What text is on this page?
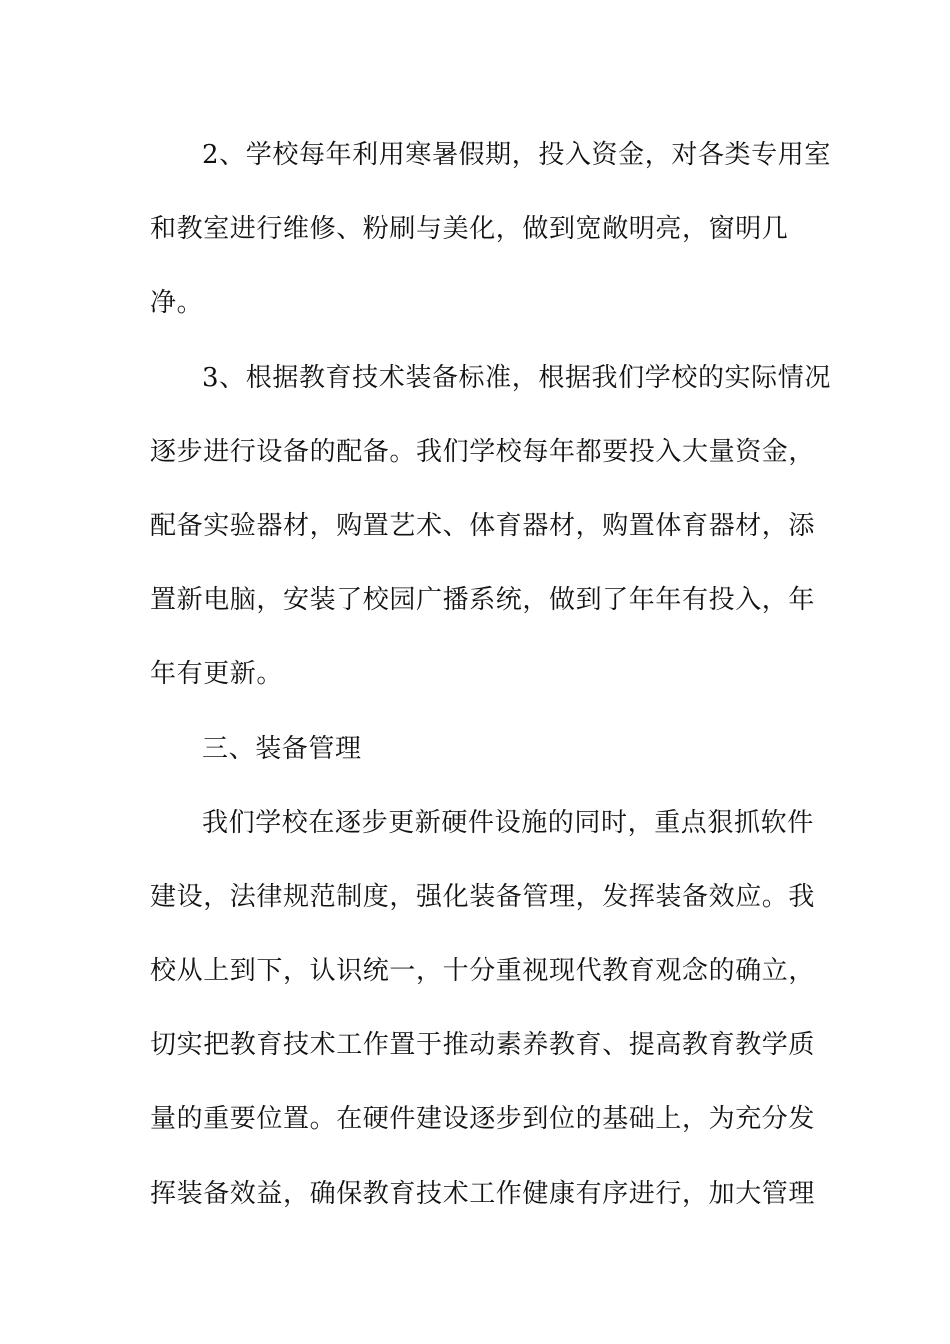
2、学校每年利用寒暑假期，投入资金，对各类专用室
和教室进行维修、粉刷与美化，做到宽敞明亮，窗明几
净。
3、根据教育技术装备标准，根据我们学校的实际情况
逐步进行设备的配备。我们学校每年都要投入大量资金，
配备实验器材，购置艺术、体育器材，购置体育器材，添
置新电脑，安装了校园广播系统，做到了年年有投入，年
年有更新。
三、装备管理
我们学校在逐步更新硬件设施的同时，重点狠抓软件
建设，法律规范制度，强化装备管理，发挥装备效应。我
校从上到下，认识统一，十分重视现代教育观念的确立，
切实把教育技术工作置于推动素养教育、提高教育教学质
量的重要位置。在硬件建设逐步到位的基础上，为充分发
挥装备效益，确保教育技术工作健康有序进行，加大管理
